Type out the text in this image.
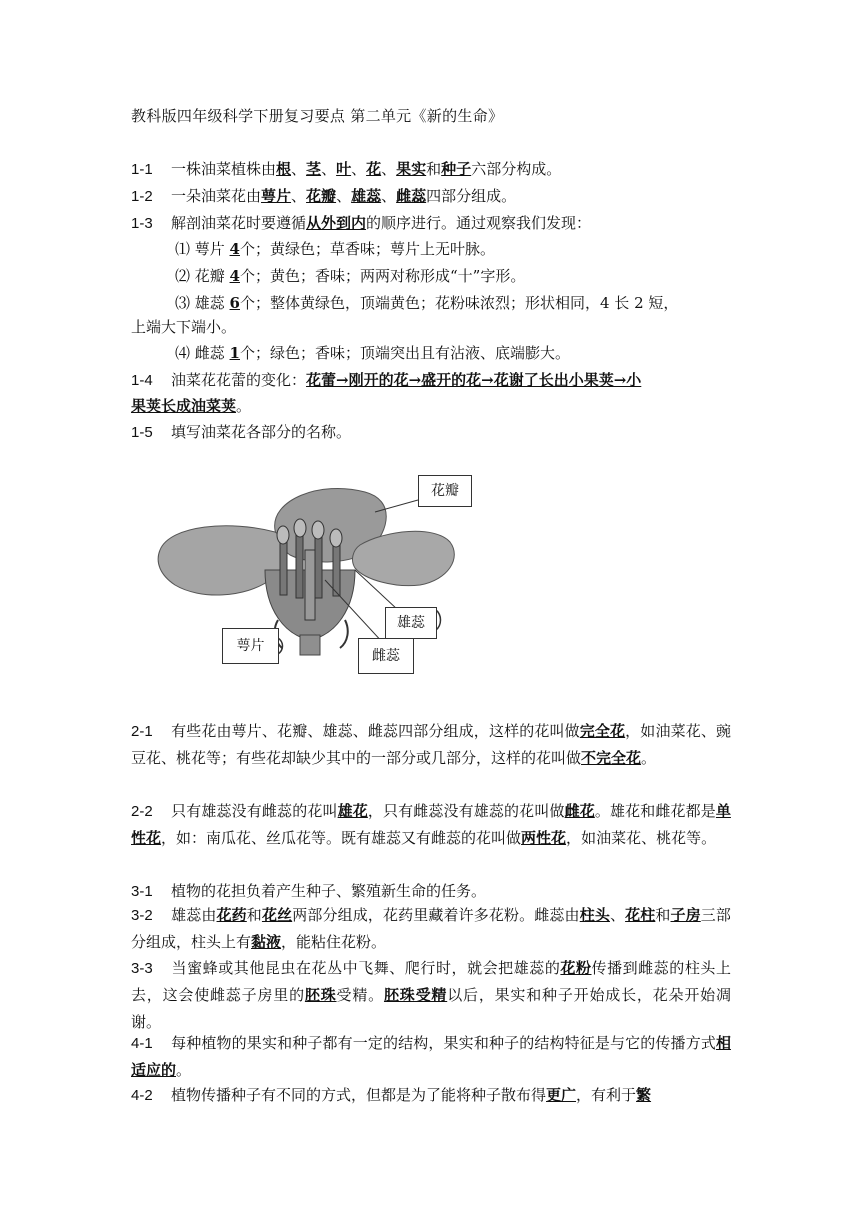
教科版四年级科学下册复习要点 第二单元《新的生命》
1-1 一株油菜植株由根、茎、叶、花、果实和种子六部分构成。
1-2 一朵油菜花由萼片、花瓣、雄蕊、雌蕊四部分组成。
1-3 解剖油菜花时要遵循从外到内的顺序进行。通过观察我们发现：
⑴ 萼片 4个；黄绿色；草香味；萼片上无叶脉。
⑵ 花瓣 4个；黄色；香味；两两对称形成“十”字形。
⑶ 雄蕊 6个；整体黄绿色，顶端黄色；花粉味浓烈；形状相同，4 长 2 短，
上端大下端小。
⑷ 雌蕊 1个；绿色；香味；顶端突出且有沾液、底端膨大。
1-4 油菜花花蕾的变化：花蕾→刚开的花→盛开的花→花谢了长出小果荚→小
果荚长成油菜荚。
1-5 填写油菜花各部分的名称。
花瓣
雄蕊
萼片
雌蕊
2-1 有些花由萼片、花瓣、雄蕊、雌蕊四部分组成，这样的花叫做完全花，如油菜花、豌豆花、桃花等；有些花却缺少其中的一部分或几部分，这样的花叫做不完全花。
2-2 只有雄蕊没有雌蕊的花叫雄花，只有雌蕊没有雄蕊的花叫做雌花。雄花和雌花都是单性花，如：南瓜花、丝瓜花等。既有雄蕊又有雌蕊的花叫做两性花，如油菜花、桃花等。
3-1 植物的花担负着产生种子、繁殖新生命的任务。
3-2 雄蕊由花药和花丝两部分组成，花药里藏着许多花粉。雌蕊由柱头、花柱和子房三部分组成，柱头上有黏液，能粘住花粉。
3-3 当蜜蜂或其他昆虫在花丛中飞舞、爬行时，就会把雄蕊的花粉传播到雌蕊的柱头上去，这会使雌蕊子房里的胚珠受精。胚珠受精以后，果实和种子开始成长，花朵开始凋谢。
4-1 每种植物的果实和种子都有一定的结构，果实和种子的结构特征是与它的传播方式相适应的。
4-2 植物传播种子有不同的方式，但都是为了能将种子散布得更广，有利于繁
